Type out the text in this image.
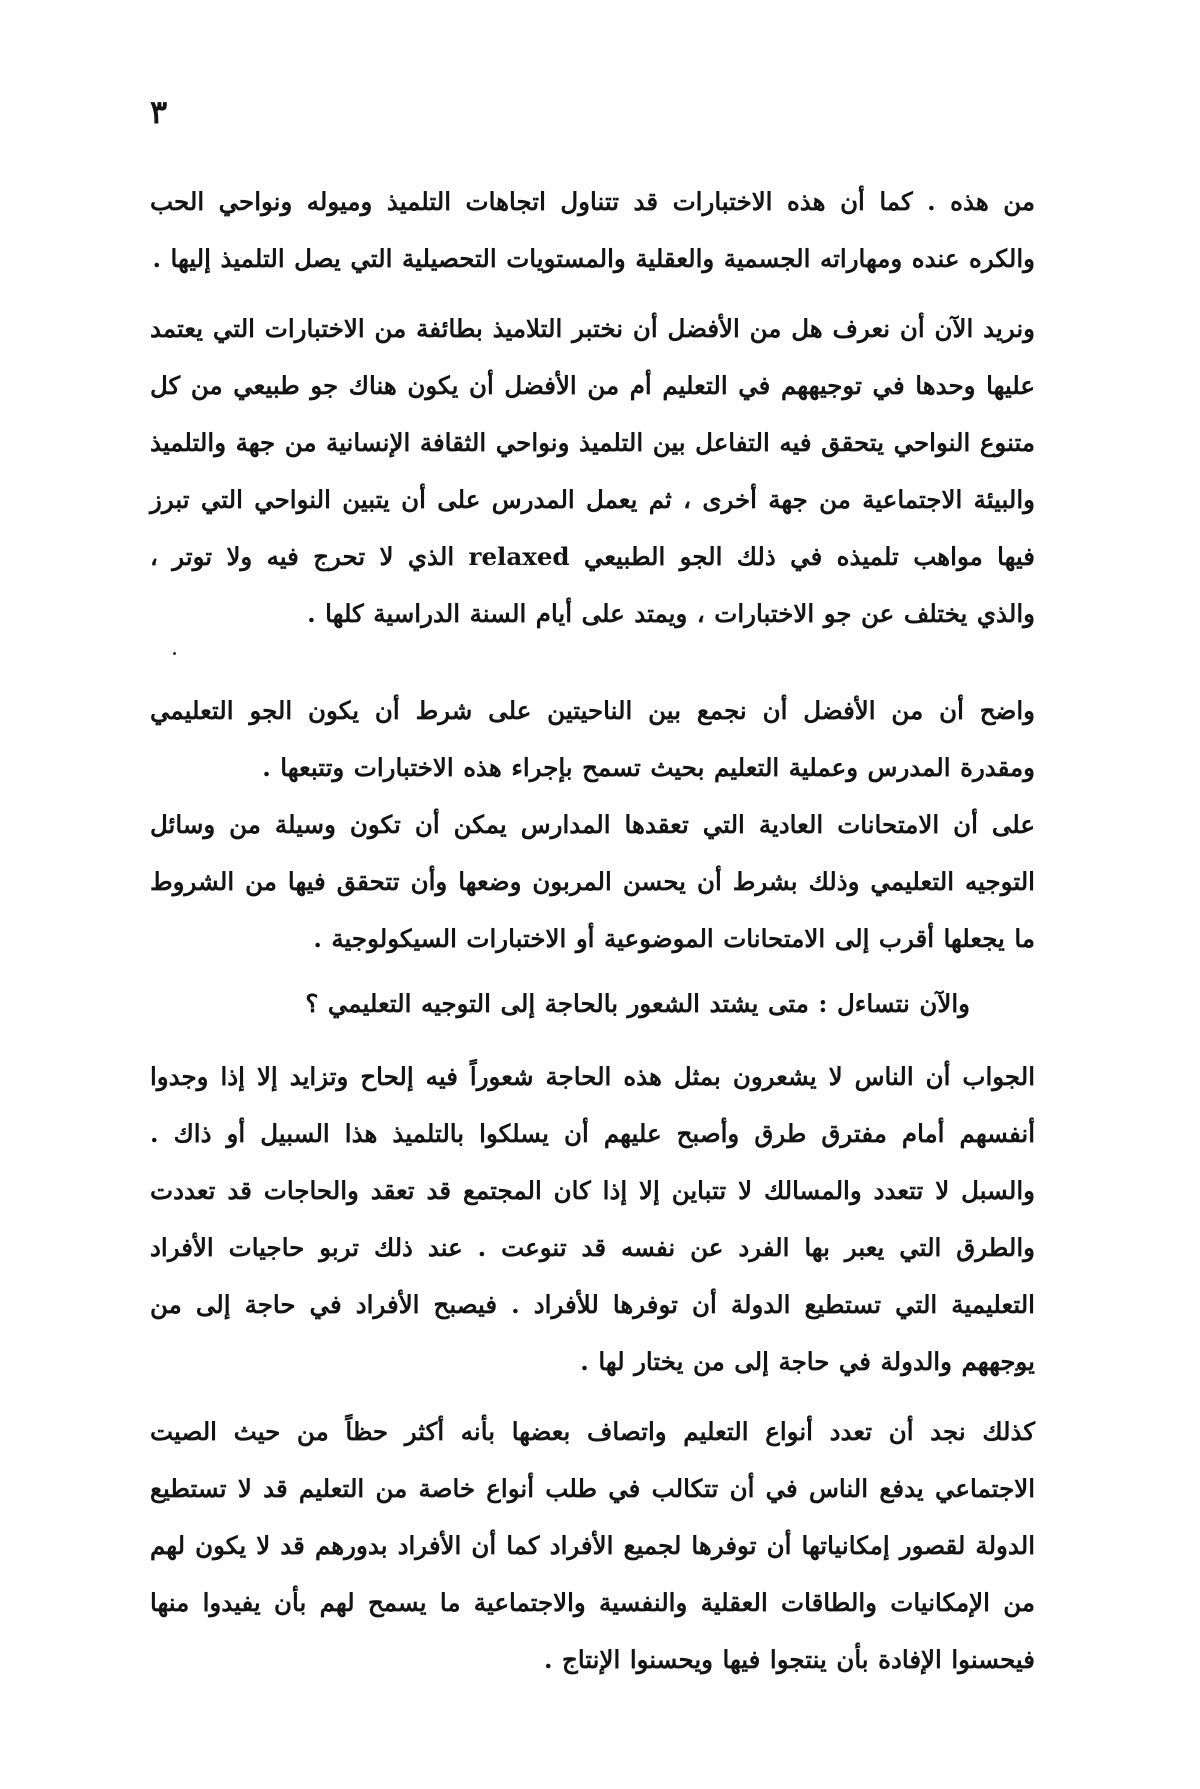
٣

من هذه . كما أن هذه الاختبارات قد تتناول اتجاهات التلميذ وميوله ونواحي الحب والكره عنده ومهاراته الجسمية والعقلية والمستويات التحصيلية التي يصل التلميذ إليها .

ونريد الآن أن نعرف هل من الأفضل أن نختبر التلاميذ بطائفة من الاختبارات التي يعتمد عليها وحدها في توجيههم في التعليم أم من الأفضل أن يكون هناك جو طبيعي من كل متنوع النواحي يتحقق فيه التفاعل بين التلميذ ونواحي الثقافة الإنسانية من جهة والتلميذ والبيئة الاجتماعية من جهة أخرى ، ثم يعمل المدرس على أن يتبين النواحي التي تبرز فيها مواهب تلميذه في ذلك الجو الطبيعي relaxed الذي لا تحرج فيه ولا توتر ، والذي يختلف عن جو الاختبارات ، ويمتد على أيام السنة الدراسية كلها .

واضح أن من الأفضل أن نجمع بين الناحيتين على شرط أن يكون الجو التعليمي ومقدرة المدرس وعملية التعليم بحيث تسمح بإجراء هذه الاختبارات وتتبعها .

على أن الامتحانات العادية التي تعقدها المدارس يمكن أن تكون وسيلة من وسائل التوجيه التعليمي وذلك بشرط أن يحسن المربون وضعها وأن تتحقق فيها من الشروط ما يجعلها أقرب إلى الامتحانات الموضوعية أو الاختبارات السيكولوجية .

والآن نتساءل : متى يشتد الشعور بالحاجة إلى التوجيه التعليمي ؟

الجواب أن الناس لا يشعرون بمثل هذه الحاجة شعوراً فيه إلحاح وتزايد إلا إذا وجدوا أنفسهم أمام مفترق طرق وأصبح عليهم أن يسلكوا بالتلميذ هذا السبيل أو ذاك . والسبل لا تتعدد والمسالك لا تتباين إلا إذا كان المجتمع قد تعقد والحاجات قد تعددت والطرق التي يعبر بها الفرد عن نفسه قد تنوعت . عند ذلك تربو حاجيات الأفراد التعليمية التي تستطيع الدولة أن توفرها للأفراد . فيصبح الأفراد في حاجة إلى من يوجههم والدولة في حاجة إلى من يختار لها .

كذلك نجد أن تعدد أنواع التعليم واتصاف بعضها بأنه أكثر حظاً من حيث الصيت الاجتماعي يدفع الناس في أن تتكالب في طلب أنواع خاصة من التعليم قد لا تستطيع الدولة لقصور إمكانياتها أن توفرها لجميع الأفراد كما أن الأفراد بدورهم قد لا يكون لهم من الإمكانيات والطاقات العقلية والنفسية والاجتماعية ما يسمح لهم بأن يفيدوا منها فيحسنوا الإفادة بأن ينتجوا فيها ويحسنوا الإنتاج .
